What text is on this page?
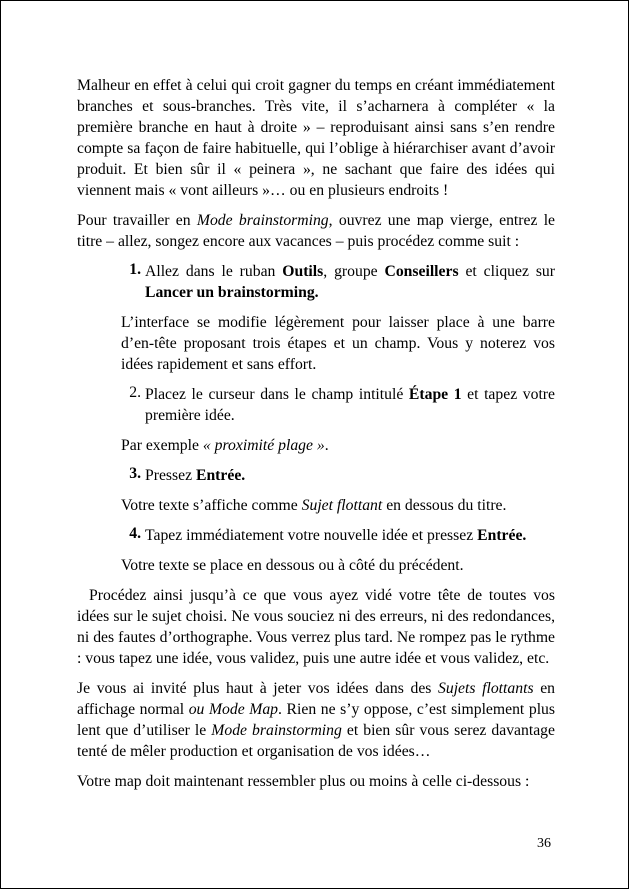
Malheur en effet à celui qui croit gagner du temps en créant immédiatement branches et sous-branches. Très vite, il s’acharnera à compléter « la première branche en haut à droite » – reproduisant ainsi sans s’en rendre compte sa façon de faire habituelle, qui l’oblige à hiérarchiser avant d’avoir produit. Et bien sûr il « peinera », ne sachant que faire des idées qui viennent mais « vont ailleurs »… ou en plusieurs endroits !

Pour travailler en Mode brainstorming, ouvrez une map vierge, entrez le titre – allez, songez encore aux vacances – puis procédez comme suit :

1. Allez dans le ruban Outils, groupe Conseillers et cliquez sur Lancer un brainstorming.

L’interface se modifie légèrement pour laisser place à une barre d’en-tête proposant trois étapes et un champ. Vous y noterez vos idées rapidement et sans effort.

2. Placez le curseur dans le champ intitulé Étape 1 et tapez votre première idée.

Par exemple « proximité plage ».

3. Pressez Entrée.

Votre texte s’affiche comme Sujet flottant en dessous du titre.

4. Tapez immédiatement votre nouvelle idée et pressez Entrée.

Votre texte se place en dessous ou à côté du précédent.

Procédez ainsi jusqu’à ce que vous ayez vidé votre tête de toutes vos idées sur le sujet choisi. Ne vous souciez ni des erreurs, ni des redondances, ni des fautes d’orthographe. Vous verrez plus tard. Ne rompez pas le rythme : vous tapez une idée, vous validez, puis une autre idée et vous validez, etc.

Je vous ai invité plus haut à jeter vos idées dans des Sujets flottants en affichage normal ou Mode Map. Rien ne s’y oppose, c’est simplement plus lent que d’utiliser le Mode brainstorming et bien sûr vous serez davantage tenté de mêler production et organisation de vos idées…

Votre map doit maintenant ressembler plus ou moins à celle ci-dessous :

36
